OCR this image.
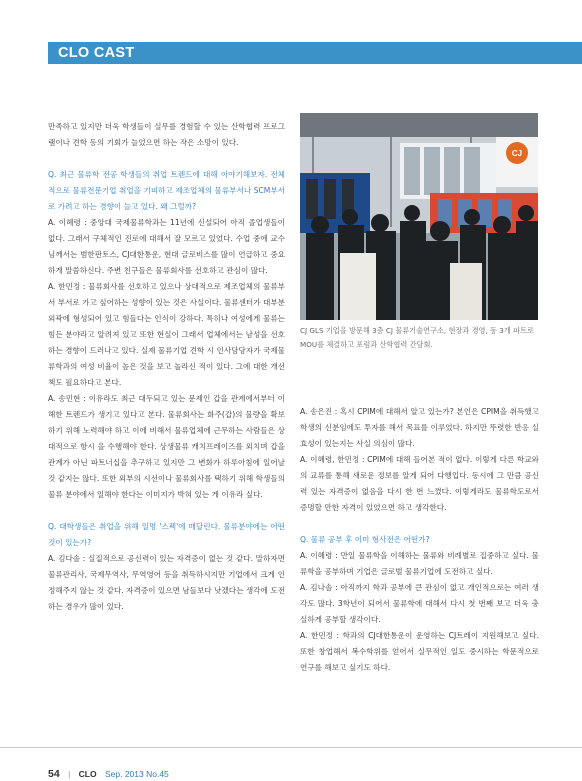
CLO CAST

만족하고 있지만 더욱 학생들이 실무를 경험할 수 있는 산학협력 프로그램이나 견학 등의 기회가 늘었으면 하는 작은 소망이 있다.

Q. 최근 물류학 전공 학생들의 취업 트렌드에 대해 이야기해보자. 전체적으로 물류전문기업 취업을 기피하고 제조업체의 물류부서나 SCM부서로 가려고 하는 경향이 늘고 있다. 왜 그럴까?

A. 이혜령 : 중앙대 국제물류학과는 11년에 신설되어 아직 졸업생들이 없다. 그래서 구체적인 진로에 대해서 잘 모르고 있었다. 수업 중에 교수님께서는 범한판토스, CJ대한통운, 현대 글로비스를 많이 언급하고 중요하게 말씀하신다. 주변 친구들은 물류회사를 선호하고 관심이 많다.

A. 한민정 : 물류회사를 선호하고 있으나 상대적으로 제조업체의 물류부서 부서로 가고 싶어하는 성향이 있는 것은 사실이다. 물류센터가 대부분 외곽에 형성되어 있고 힘들다는 인식이 강하다. 특히나 여성에게 물류는 힘든 분야라고 알려져 있고 또한 현실이 그래서 업체에서는 남성을 선호하는 경향이 드러나고 있다. 실제 물류기업 견학 시 인사담당자가 국제물류학과의 여성 비율이 높은 것을 보고 놀라신 적이 있다. 그에 대한 개선책도 필요하다고 본다.

A. 송민현 : 이유라도 최근 대두되고 있는 문제인 갑을 관계에서부터 이해한 트렌드가 생기고 있다고 본다. 물류회사는 화주(갑)의 물량을 확보하기 위해 노력해야 하고 이에 비해서 물류업체에 근무하는 사람들은 상대적으로 항시 을 수행해야 한다. 상생물류 캐치프레이즈를 외치며 갑을 관계가 아닌 파트너십을 추구하고 있지만 그 변화가 하루아침에 일어날 것 같지는 않다. 또한 외부의 시선이나 물류회사를 택하기 위해 학생들의 물류 분야에서 일해야 한다는 이미지가 박혀 있는 게 이유라 싶다.

Q. 대학생들은 취업을 위해 일명 '스펙'에 매달린다. 물류분야에는 어떤 것이 있는가?

A. 김다솔 : 실질적으로 공신력이 있는 자격증이 없는 것 같다. 말하자면 물류관리사, 국제무역사, 무역영어 등을 취득하시지만 기업에서 크게 인정해주지 않는 것 같다. 자격증이 있으면 남들보다 낫겠다는 생각에 도전하는 경우가 많이 있다.

CJ
CJ GLS 기업을 방문해 3층 CJ 물류기술연구소, 현장과 경영, 동 3개 파트로 MOU를 체결하고 포럼과 산학협력 간담회.

A. 송은진 : 혹시 CPIM에 대해서 알고 있는가? 본인은 CPIM을 취득했고 학생의 신분임에도 투자를 해서 목표를 이루었다. 하지만 뚜렷한 반응 실효성이 있는지는 사실 의심이 많다.

A. 이혜령, 한민정 : CPIM에 대해 들어본 적이 없다. 이렇게 다른 학교와의 교류를 통해 새로운 정보를 알게 되어 다행입다. 동시에 그 만큼 공신력 있는 자격증이 없음을 다시 한 번 느꼈다. 이렇게라도 물류학도로서 증명할 만한 자격이 있었으면 하고 생각한다.

Q. 물류 공부 후 이미 형사전은 어떤가?

A. 이혜령 : 만일 물류학을 이해하는 물류와 비례별로 집중하고 싶다. 물류학을 공부하며 기업은 글로벌 물류기업에 도전하고 싶다.

A. 김나솔 : 아직까지 학과 공부에 큰 관심이 없고 개인적으로는 여러 생각도 많다. 3학년이 되어서 물류학에 대해서 다시 첫 번째 보고 더욱 충실하게 공부할 생각이다.

A. 한민정 : 학과의 CJ대한통운이 운영하는 CJ트레이 지원해보고 싶다. 또한 창업해서 복수학위를 얻어서 실무적인 일도 중시하는 학문적으로 연구를 해보고 싶기도 하다.

54 | CLO Sep. 2013 No.45
